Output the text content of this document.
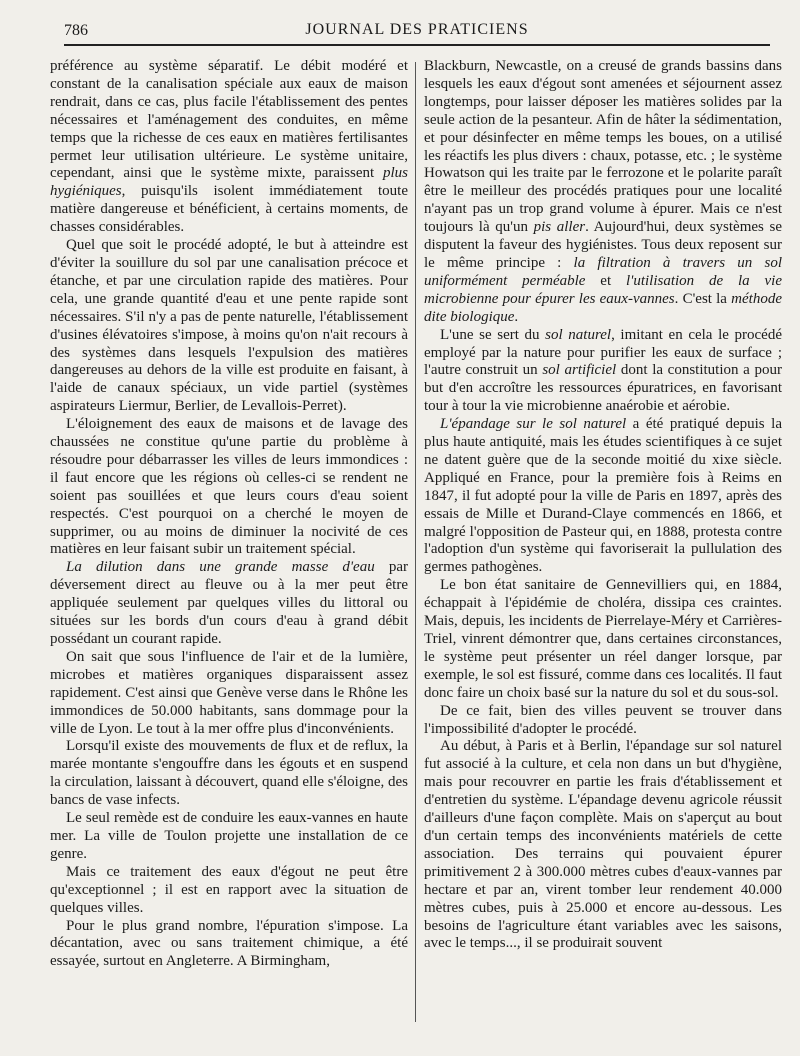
786	JOURNAL DES PRATICIENS

préférence au système séparatif. Le débit modéré et constant de la canalisation spéciale aux eaux de maison rendrait, dans ce cas, plus facile l'établissement des pentes nécessaires et l'aménagement des conduites, en même temps que la richesse de ces eaux en matières fertilisantes permet leur utilisation ultérieure. Le système unitaire, cependant, ainsi que le système mixte, paraissent plus hygiéniques, puisqu'ils isolent immédiatement toute matière dangereuse et bénéficient, à certains moments, de chasses considérables.

Quel que soit le procédé adopté, le but à atteindre est d'éviter la souillure du sol par une canalisation précoce et étanche, et par une circulation rapide des matières. Pour cela, une grande quantité d'eau et une pente rapide sont nécessaires. S'il n'y a pas de pente naturelle, l'établissement d'usines élévatoires s'impose, à moins qu'on n'ait recours à des systèmes dans lesquels l'expulsion des matières dangereuses au dehors de la ville est produite en faisant, à l'aide de canaux spéciaux, un vide partiel (systèmes aspirateurs Liermur, Berlier, de Levallois-Perret).

L'éloignement des eaux de maisons et de lavage des chaussées ne constitue qu'une partie du problème à résoudre pour débarrasser les villes de leurs immondices : il faut encore que les régions où celles-ci se rendent ne soient pas souillées et que leurs cours d'eau soient respectés. C'est pourquoi on a cherché le moyen de supprimer, ou au moins de diminuer la nocivité de ces matières en leur faisant subir un traitement spécial.

La dilution dans une grande masse d'eau par déversement direct au fleuve ou à la mer peut être appliquée seulement par quelques villes du littoral ou situées sur les bords d'un cours d'eau à grand débit possédant un courant rapide.

On sait que sous l'influence de l'air et de la lumière, microbes et matières organiques disparaissent assez rapidement. C'est ainsi que Genève verse dans le Rhône les immondices de 50.000 habitants, sans dommage pour la ville de Lyon. Le tout à la mer offre plus d'inconvénients.

Lorsqu'il existe des mouvements de flux et de reflux, la marée montante s'engouffre dans les égouts et en suspend la circulation, laissant à découvert, quand elle s'éloigne, des bancs de vase infects.

Le seul remède est de conduire les eaux-vannes en haute mer. La ville de Toulon projette une installation de ce genre.

Mais ce traitement des eaux d'égout ne peut être qu'exceptionnel ; il est en rapport avec la situation de quelques villes.

Pour le plus grand nombre, l'épuration s'impose. La décantation, avec ou sans traitement chimique, a été essayée, surtout en Angleterre. A Birmingham,

Blackburn, Newcastle, on a creusé de grands bassins dans lesquels les eaux d'égout sont amenées et séjournent assez longtemps, pour laisser déposer les matières solides par la seule action de la pesanteur. Afin de hâter la sédimentation, et pour désinfecter en même temps les boues, on a utilisé les réactifs les plus divers : chaux, potasse, etc. ; le système Howatson qui les traite par le ferrozone et le polarite paraît être le meilleur des procédés pratiques pour une localité n'ayant pas un trop grand volume à épurer. Mais ce n'est toujours là qu'un pis aller. Aujourd'hui, deux systèmes se disputent la faveur des hygiénistes. Tous deux reposent sur le même principe : la filtration à travers un sol uniformément perméable et l'utilisation de la vie microbienne pour épurer les eaux-vannes. C'est la méthode dite biologique.

L'une se sert du sol naturel, imitant en cela le procédé employé par la nature pour purifier les eaux de surface ; l'autre construit un sol artificiel dont la constitution a pour but d'en accroître les ressources épuratrices, en favorisant tour à tour la vie microbienne anaérobie et aérobie.

L'épandage sur le sol naturel a été pratiqué depuis la plus haute antiquité, mais les études scientifiques à ce sujet ne datent guère que de la seconde moitié du xixe siècle. Appliqué en France, pour la première fois à Reims en 1847, il fut adopté pour la ville de Paris en 1897, après des essais de Mille et Durand-Claye commencés en 1866, et malgré l'opposition de Pasteur qui, en 1888, protesta contre l'adoption d'un système qui favoriserait la pullulation des germes pathogènes.

Le bon état sanitaire de Gennevilliers qui, en 1884, échappait à l'épidémie de choléra, dissipa ces craintes. Mais, depuis, les incidents de Pierrelaye-Méry et Carrières-Triel, vinrent démontrer que, dans certaines circonstances, le système peut présenter un réel danger lorsque, par exemple, le sol est fissuré, comme dans ces localités. Il faut donc faire un choix basé sur la nature du sol et du sous-sol.

De ce fait, bien des villes peuvent se trouver dans l'impossibilité d'adopter le procédé.

Au début, à Paris et à Berlin, l'épandage sur sol naturel fut associé à la culture, et cela non dans un but d'hygiène, mais pour recouvrer en partie les frais d'établissement et d'entretien du système. L'épandage devenu agricole réussit d'ailleurs d'une façon complète. Mais on s'aperçut au bout d'un certain temps des inconvénients matériels de cette association. Des terrains qui pouvaient épurer primitivement 2 à 300.000 mètres cubes d'eaux-vannes par hectare et par an, virent tomber leur rendement 40.000 mètres cubes, puis à 25.000 et encore au-dessous. Les besoins de l'agriculture étant variables avec les saisons, avec le temps..., il se produirait souvent
